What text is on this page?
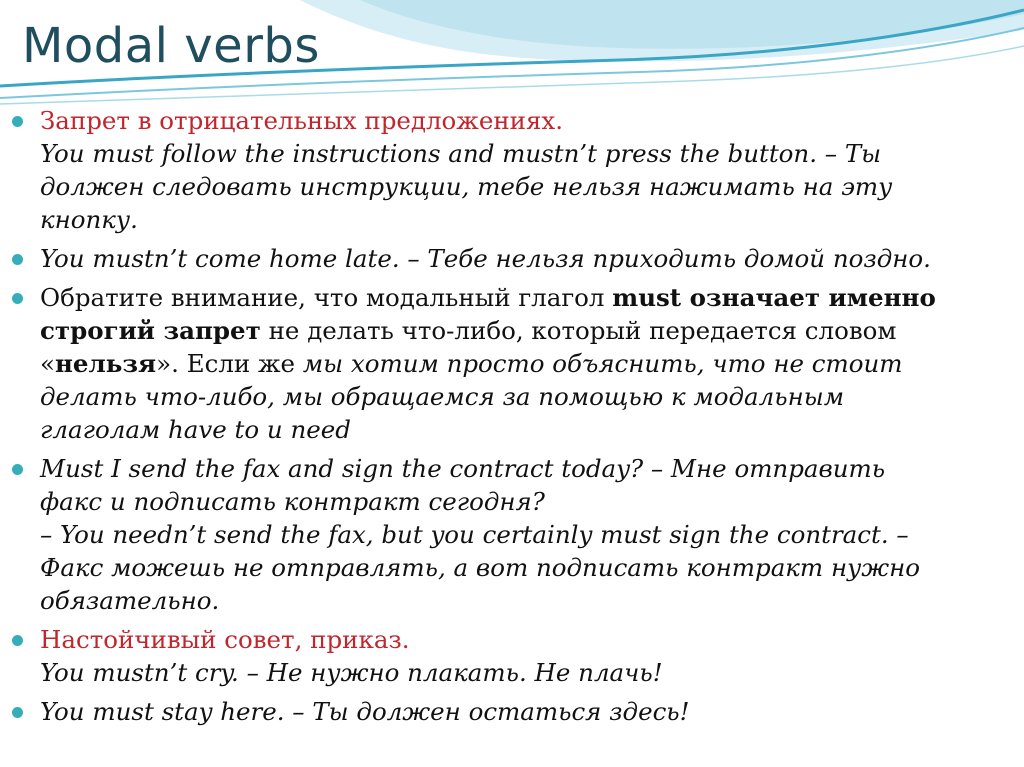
Modal verbs
Запрет в отрицательных предложениях.
You must follow the instructions and mustn’t press the button. – Ты
должен следовать инструкции, тебе нельзя нажимать на эту
кнопку.
You mustn’t come home late. – Тебе нельзя приходить домой поздно.
Обратите внимание, что модальный глагол must означает именно
строгий запрет не делать что-либо, который передается словом
«нельзя». Если же мы хотим просто объяснить, что не стоит
делать что-либо, мы обращаемся за помощью к модальным
глаголам have to и need
Must I send the fax and sign the contract today? – Мне отправить
факс и подписать контракт сегодня?
– You needn’t send the fax, but you certainly must sign the contract. –
Факс можешь не отправлять, а вот подписать контракт нужно
обязательно.
Настойчивый совет, приказ.
You mustn’t cry. – Не нужно плакать. Не плачь!
You must stay here. – Ты должен остаться здесь!
